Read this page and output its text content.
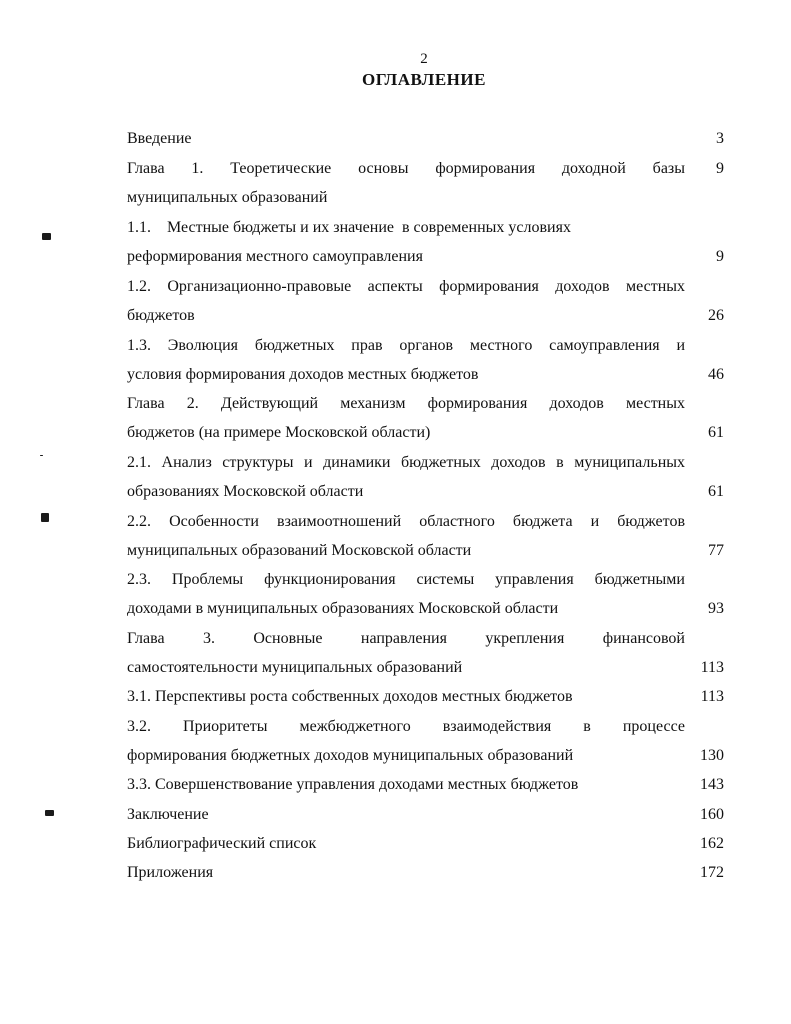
2
ОГЛАВЛЕНИЕ
Введение	3
Глава 1. Теоретические основы формирования доходной базы	9
муниципальных образований
1.1.    Местные бюджеты и их значение  в современных условиях
реформирования местного самоуправления	9
1.2. Организационно-правовые аспекты формирования доходов местных
бюджетов	26
1.3. Эволюция бюджетных прав органов местного самоуправления и
условия формирования доходов местных бюджетов	46
Глава 2. Действующий механизм формирования доходов местных
бюджетов (на примере Московской области)	61
2.1. Анализ структуры и динамики бюджетных доходов в муниципальных
образованиях Московской области	61
2.2. Особенности взаимоотношений областного бюджета и бюджетов
муниципальных образований Московской области	77
2.3. Проблемы функционирования системы управления бюджетными
доходами в муниципальных образованиях Московской области	93
Глава 3. Основные направления укрепления финансовой
самостоятельности муниципальных образований	113
3.1. Перспективы роста собственных доходов местных бюджетов	113
3.2. Приоритеты межбюджетного взаимодействия в процессе
формирования бюджетных доходов муниципальных образований	130
3.3. Совершенствование управления доходами местных бюджетов	143
Заключение	160
Библиографический список	162
Приложения	172
